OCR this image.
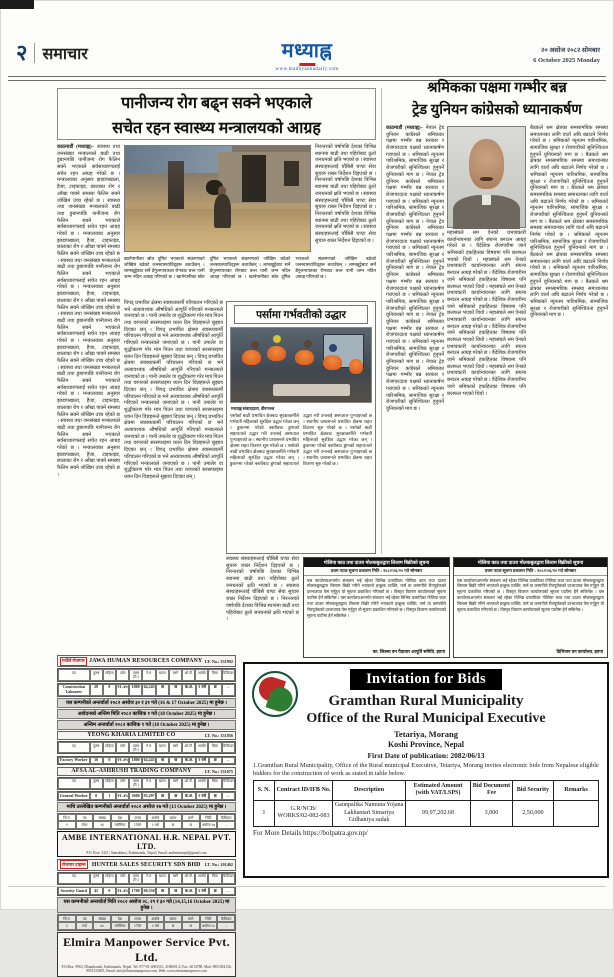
२ समाचार	मध्याह्न
www.madhyanhadaily.com
२० असोज २०८२ सोमबार
6 October 2025 Monday
पानीजन्य रोग बढ्न सक्ने भएकाले
सचेत रहन स्वास्थ्य मन्त्रालयको आग्रह
काठमाडौं (मध्याह्न)– स्वास्थ्य तथा जनसंख्या मन्त्रालयले बाढी तथा डुबानपछि पानीजन्य रोग फैलिन सक्ने भएकाले सर्वसाधारणलाई सचेत रहन आग्रह गरेको छ । मन्त्रालयका अनुसार झाडापखाला, हैजा, टाइफाइड, छालाका रोग र आँखा पाक्ने समस्या फैलिन सक्ने जोखिम उच्च रहेको छ । स्वास्थ्य तथा जनसंख्या मन्त्रालयले बाढी तथा डुबानपछि पानीजन्य रोग फैलिन सक्ने भएकाले सर्वसाधारणलाई सचेत रहन आग्रह गरेको छ । मन्त्रालयका अनुसार झाडापखाला, हैजा, टाइफाइड, छालाका रोग र आँखा पाक्ने समस्या फैलिन सक्ने जोखिम उच्च रहेको छ । स्वास्थ्य तथा जनसंख्या मन्त्रालयले बाढी तथा डुबानपछि पानीजन्य रोग फैलिन सक्ने भएकाले सर्वसाधारणलाई सचेत रहन आग्रह गरेको छ । मन्त्रालयका अनुसार झाडापखाला, हैजा, टाइफाइड, छालाका रोग र आँखा पाक्ने समस्या फैलिन सक्ने जोखिम उच्च रहेको छ । स्वास्थ्य तथा जनसंख्या मन्त्रालयले बाढी तथा डुबानपछि पानीजन्य रोग फैलिन सक्ने भएकाले सर्वसाधारणलाई सचेत रहन आग्रह गरेको छ । मन्त्रालयका अनुसार झाडापखाला, हैजा, टाइफाइड, छालाका रोग र आँखा पाक्ने समस्या फैलिन सक्ने जोखिम उच्च रहेको छ । स्वास्थ्य तथा जनसंख्या मन्त्रालयले बाढी तथा डुबानपछि पानीजन्य रोग फैलिन सक्ने भएकाले सर्वसाधारणलाई सचेत रहन आग्रह गरेको छ । मन्त्रालयका अनुसार झाडापखाला, हैजा, टाइफाइड, छालाका रोग र आँखा पाक्ने समस्या फैलिन सक्ने जोखिम उच्च रहेको छ । स्वास्थ्य तथा जनसंख्या मन्त्रालयले बाढी तथा डुबानपछि पानीजन्य रोग फैलिन सक्ने भएकाले सर्वसाधारणलाई सचेत रहन आग्रह गरेको छ । मन्त्रालयका अनुसार झाडापखाला, हैजा, टाइफाइड, छालाका रोग र आँखा पाक्ने समस्या फैलिन सक्ने जोखिम उच्च रहेको छ ।
निरन्तरको वर्षापछि देशका विभिन्न स्थानमा बाढी तथा पहिरोबाट ठूलो जनधनको क्षति भएको छ । स्वास्थ्य संस्थाहरूलाई चौबिसै घण्टा सेवा सुचारु राख्न निर्देशन दिइएको छ । निरन्तरको वर्षापछि देशका विभिन्न स्थानमा बाढी तथा पहिरोबाट ठूलो जनधनको क्षति भएको छ । स्वास्थ्य संस्थाहरूलाई चौबिसै घण्टा सेवा सुचारु राख्न निर्देशन दिइएको छ । निरन्तरको वर्षापछि देशका विभिन्न स्थानमा बाढी तथा पहिरोबाट ठूलो जनधनको क्षति भएको छ । स्वास्थ्य संस्थाहरूलाई चौबिसै घण्टा सेवा सुचारु राख्न निर्देशन दिइएको छ ।
खानेपानीका स्रोत दूषित भएकाले संक्रमणको जोखिम बढेको जनस्वास्थ्यविद्हरू बताउँछन् । लामखुट्टेबाट सर्ने डेंगुलगायतका रोगबाट बच्न पानी जम्न नदिन आग्रह गरिएको छ । खानेपानीका स्रोत दूषित भएकाले संक्रमणको जोखिम बढेको जनस्वास्थ्यविद्हरू बताउँछन् । लामखुट्टेबाट सर्ने डेंगुलगायतका रोगबाट बच्न पानी जम्न नदिन आग्रह गरिएको छ । खानेपानीका स्रोत दूषित भएकाले संक्रमणको जोखिम बढेको जनस्वास्थ्यविद्हरू बताउँछन् । लामखुट्टेबाट सर्ने डेंगुलगायतका रोगबाट बच्न पानी जम्न नदिन आग्रह गरिएको छ ।
विपद् प्रभावित क्षेत्रमा स्वास्थ्यकर्मी परिचालन गरिएको छ भने अत्यावश्यक औषधिको आपूर्ति गरिएको मन्त्रालयले जनाएको छ । पानी उमालेर वा शुद्धीकरण गरेर मात्र पिउन तथा वरपरको सरसफाइमा ध्यान दिन विज्ञहरूले सुझाव दिएका छन् । विपद् प्रभावित क्षेत्रमा स्वास्थ्यकर्मी परिचालन गरिएको छ भने अत्यावश्यक औषधिको आपूर्ति गरिएको मन्त्रालयले जनाएको छ । पानी उमालेर वा शुद्धीकरण गरेर मात्र पिउन तथा वरपरको सरसफाइमा ध्यान दिन विज्ञहरूले सुझाव दिएका छन् । विपद् प्रभावित क्षेत्रमा स्वास्थ्यकर्मी परिचालन गरिएको छ भने अत्यावश्यक औषधिको आपूर्ति गरिएको मन्त्रालयले जनाएको छ । पानी उमालेर वा शुद्धीकरण गरेर मात्र पिउन तथा वरपरको सरसफाइमा ध्यान दिन विज्ञहरूले सुझाव दिएका छन् । विपद् प्रभावित क्षेत्रमा स्वास्थ्यकर्मी परिचालन गरिएको छ भने अत्यावश्यक औषधिको आपूर्ति गरिएको मन्त्रालयले जनाएको छ । पानी उमालेर वा शुद्धीकरण गरेर मात्र पिउन तथा वरपरको सरसफाइमा ध्यान दिन विज्ञहरूले सुझाव दिएका छन् । विपद् प्रभावित क्षेत्रमा स्वास्थ्यकर्मी परिचालन गरिएको छ भने अत्यावश्यक औषधिको आपूर्ति गरिएको मन्त्रालयले जनाएको छ । पानी उमालेर वा शुद्धीकरण गरेर मात्र पिउन तथा वरपरको सरसफाइमा ध्यान दिन विज्ञहरूले सुझाव दिएका छन् । विपद् प्रभावित क्षेत्रमा स्वास्थ्यकर्मी परिचालन गरिएको छ भने अत्यावश्यक औषधिको आपूर्ति गरिएको मन्त्रालयले जनाएको छ । पानी उमालेर वा शुद्धीकरण गरेर मात्र पिउन तथा वरपरको सरसफाइमा ध्यान दिन विज्ञहरूले सुझाव दिएका छन् ।
पर्सामा गर्भवतीको उद्धार
मध्याह्न संवाददाता, वीरगञ्ज
पर्साको बाढी प्रभावित क्षेत्रबाट सुरक्षाकर्मीले गर्भवती महिलाको सुरक्षित उद्धार गरेका छन् । डुबानमा परेको बस्तीबाट डुंगाको सहायताले उद्धार गरी उनलाई अस्पताल पुर्‍याइएको छ । स्थानीय प्रशासनले प्रभावित क्षेत्रमा राहत वितरण सुरु गरेको छ । पर्साको बाढी प्रभावित क्षेत्रबाट सुरक्षाकर्मीले गर्भवती महिलाको सुरक्षित उद्धार गरेका छन् । डुबानमा परेको बस्तीबाट डुंगाको सहायताले उद्धार गरी उनलाई अस्पताल पुर्‍याइएको छ । स्थानीय प्रशासनले प्रभावित क्षेत्रमा राहत वितरण सुरु गरेको छ । पर्साको बाढी प्रभावित क्षेत्रबाट सुरक्षाकर्मीले गर्भवती महिलाको सुरक्षित उद्धार गरेका छन् । डुबानमा परेको बस्तीबाट डुंगाको सहायताले उद्धार गरी उनलाई अस्पताल पुर्‍याइएको छ । स्थानीय प्रशासनले प्रभावित क्षेत्रमा राहत वितरण सुरु गरेको छ ।
स्वास्थ्य संस्थाहरूलाई चौबिसै घण्टा सेवा सुचारु राख्न निर्देशन दिइएको छ । निरन्तरको वर्षापछि देशका विभिन्न स्थानमा बाढी तथा पहिरोबाट ठूलो जनधनको क्षति भएको छ । स्वास्थ्य संस्थाहरूलाई चौबिसै घण्टा सेवा सुचारु राख्न निर्देशन दिइएको छ । निरन्तरको वर्षापछि देशका विभिन्न स्थानमा बाढी तथा पहिरोबाट ठूलो जनधनको क्षति भएको छ ।
श्रमिकका पक्षमा गम्भीर बन्न
ट्रेड युनियन कांग्रेसको ध्यानाकर्षण
काठमाडौं (मध्याह्न)– नेपाल ट्रेड युनियन कांग्रेसले श्रमिकका पक्षमा गम्भीर बन्न सरकार र रोजगारदाता पक्षको ध्यानाकर्षण गराएको छ । श्रमिकको न्यूनतम पारिश्रमिक, सामाजिक सुरक्षा र रोजगारीको सुनिश्चितता हुनुपर्ने युनियनको माग छ । नेपाल ट्रेड युनियन कांग्रेसले श्रमिकका पक्षमा गम्भीर बन्न सरकार र रोजगारदाता पक्षको ध्यानाकर्षण गराएको छ । श्रमिकको न्यूनतम पारिश्रमिक, सामाजिक सुरक्षा र रोजगारीको सुनिश्चितता हुनुपर्ने युनियनको माग छ । नेपाल ट्रेड युनियन कांग्रेसले श्रमिकका पक्षमा गम्भीर बन्न सरकार र रोजगारदाता पक्षको ध्यानाकर्षण गराएको छ । श्रमिकको न्यूनतम पारिश्रमिक, सामाजिक सुरक्षा र रोजगारीको सुनिश्चितता हुनुपर्ने युनियनको माग छ । नेपाल ट्रेड युनियन कांग्रेसले श्रमिकका पक्षमा गम्भीर बन्न सरकार र रोजगारदाता पक्षको ध्यानाकर्षण गराएको छ । श्रमिकको न्यूनतम पारिश्रमिक, सामाजिक सुरक्षा र रोजगारीको सुनिश्चितता हुनुपर्ने युनियनको माग छ । नेपाल ट्रेड युनियन कांग्रेसले श्रमिकका पक्षमा गम्भीर बन्न सरकार र रोजगारदाता पक्षको ध्यानाकर्षण गराएको छ । श्रमिकको न्यूनतम पारिश्रमिक, सामाजिक सुरक्षा र रोजगारीको सुनिश्चितता हुनुपर्ने युनियनको माग छ । नेपाल ट्रेड युनियन कांग्रेसले श्रमिकका पक्षमा गम्भीर बन्न सरकार र रोजगारदाता पक्षको ध्यानाकर्षण गराएको छ । श्रमिकको न्यूनतम पारिश्रमिक, सामाजिक सुरक्षा र रोजगारीको सुनिश्चितता हुनुपर्ने युनियनको माग छ ।
महासंघले श्रम ऐनको प्रभावकारी कार्यान्वयनका लागि संयन्त्र बनाउन आग्रह गरेको छ । वैदेशिक रोजगारीमा जाने श्रमिकको हकहितका विषयमा पनि छलफल भएको थियो । महासंघले श्रम ऐनको प्रभावकारी कार्यान्वयनका लागि संयन्त्र बनाउन आग्रह गरेको छ । वैदेशिक रोजगारीमा जाने श्रमिकको हकहितका विषयमा पनि छलफल भएको थियो । महासंघले श्रम ऐनको प्रभावकारी कार्यान्वयनका लागि संयन्त्र बनाउन आग्रह गरेको छ । वैदेशिक रोजगारीमा जाने श्रमिकको हकहितका विषयमा पनि छलफल भएको थियो । महासंघले श्रम ऐनको प्रभावकारी कार्यान्वयनका लागि संयन्त्र बनाउन आग्रह गरेको छ । वैदेशिक रोजगारीमा जाने श्रमिकको हकहितका विषयमा पनि छलफल भएको थियो । महासंघले श्रम ऐनको प्रभावकारी कार्यान्वयनका लागि संयन्त्र बनाउन आग्रह गरेको छ । वैदेशिक रोजगारीमा जाने श्रमिकको हकहितका विषयमा पनि छलफल भएको थियो । महासंघले श्रम ऐनको प्रभावकारी कार्यान्वयनका लागि संयन्त्र बनाउन आग्रह गरेको छ । वैदेशिक रोजगारीमा जाने श्रमिकको हकहितका विषयमा पनि छलफल भएको थियो ।
बैठकले श्रम क्षेत्रका समसामयिक समस्या समाधानका लागि वार्ता अघि बढाउने निर्णय गरेको छ । श्रमिकको न्यूनतम पारिश्रमिक, सामाजिक सुरक्षा र रोजगारीको सुनिश्चितता हुनुपर्ने युनियनको माग छ । बैठकले श्रम क्षेत्रका समसामयिक समस्या समाधानका लागि वार्ता अघि बढाउने निर्णय गरेको छ । श्रमिकको न्यूनतम पारिश्रमिक, सामाजिक सुरक्षा र रोजगारीको सुनिश्चितता हुनुपर्ने युनियनको माग छ । बैठकले श्रम क्षेत्रका समसामयिक समस्या समाधानका लागि वार्ता अघि बढाउने निर्णय गरेको छ । श्रमिकको न्यूनतम पारिश्रमिक, सामाजिक सुरक्षा र रोजगारीको सुनिश्चितता हुनुपर्ने युनियनको माग छ । बैठकले श्रम क्षेत्रका समसामयिक समस्या समाधानका लागि वार्ता अघि बढाउने निर्णय गरेको छ । श्रमिकको न्यूनतम पारिश्रमिक, सामाजिक सुरक्षा र रोजगारीको सुनिश्चितता हुनुपर्ने युनियनको माग छ । बैठकले श्रम क्षेत्रका समसामयिक समस्या समाधानका लागि वार्ता अघि बढाउने निर्णय गरेको छ । श्रमिकको न्यूनतम पारिश्रमिक, सामाजिक सुरक्षा र रोजगारीको सुनिश्चितता हुनुपर्ने युनियनको माग छ । बैठकले श्रम क्षेत्रका समसामयिक समस्या समाधानका लागि वार्ता अघि बढाउने निर्णय गरेको छ । श्रमिकको न्यूनतम पारिश्रमिक, सामाजिक सुरक्षा र रोजगारीको सुनिश्चितता हुनुपर्ने युनियनको माग छ ।
गोलिया काठ तथा दाउरा मोलकबुलद्वारा लिलाम बिक्रीको सूचना
प्रथम पटक सूचना प्रकाशन मिति : २०८२/०६/२० गते सोमबार
यस कार्यालयअन्तर्गत संकलन भई रहेका विभिन्न प्रजातिका गोलिया काठ तथा दाउरा मोलकबुलद्वारा लिलाम बिक्री गरिने भएकाले इच्छुक व्यक्ति, फर्म वा कम्पनीले रीतपूर्वकको दरभाउपत्र पेस गर्नुहुन यो सूचना प्रकाशित गरिएको छ । विस्तृत विवरण कार्यालयको सूचना पाटीमा हेर्न सकिनेछ । यस कार्यालयअन्तर्गत संकलन भई रहेका विभिन्न प्रजातिका गोलिया काठ तथा दाउरा मोलकबुलद्वारा लिलाम बिक्री गरिने भएकाले इच्छुक व्यक्ति, फर्म वा कम्पनीले रीतपूर्वकको दरभाउपत्र पेस गर्नुहुन यो सूचना प्रकाशित गरिएको छ । विस्तृत विवरण कार्यालयको सूचना पाटीमा हेर्न सकिनेछ ।
का. जिल्ला वन पैदावार आपूर्ति समिति, झापा
गोलिया काठ तथा दाउरा मोलकबुलद्वारा लिलाम बिक्रीको सूचना
प्रथम पटक सूचना प्रकाशन मिति : २०८२/०६/२० गते सोमबार
यस कार्यालयअन्तर्गत संकलन भई रहेका विभिन्न प्रजातिका गोलिया काठ तथा दाउरा मोलकबुलद्वारा लिलाम बिक्री गरिने भएकाले इच्छुक व्यक्ति, फर्म वा कम्पनीले रीतपूर्वकको दरभाउपत्र पेस गर्नुहुन यो सूचना प्रकाशित गरिएको छ । विस्तृत विवरण कार्यालयको सूचना पाटीमा हेर्न सकिनेछ । यस कार्यालयअन्तर्गत संकलन भई रहेका विभिन्न प्रजातिका गोलिया काठ तथा दाउरा मोलकबुलद्वारा लिलाम बिक्री गरिने भएकाले इच्छुक व्यक्ति, फर्म वा कम्पनीले रीतपूर्वकको दरभाउपत्र पेस गर्नुहुन यो सूचना प्रकाशित गरिएको छ । विस्तृत विवरण कार्यालयको सूचना पाटीमा हेर्न सकिनेछ ।
डिभिजन वन कार्यालय, झापा
Invitation for Bids
Gramthan Rural Municipality
Office of the Rural Municipal Executive
Tetariya, Morang
Koshi Province, Nepal
First Date of publication: 2082/06/13
1.Gramthan Rural Municipality, Office of the Rural municipal Executive, Tetariya, Morang invites electronic bids from Nepalese eligible bidders for the construction of work as stated in table below.
S. N.	Contract ID/IFB No.	Description	Estimated Amount (with VAT/LSPS)	Bid Document Fee	Bid Security	Remarks
1	G.R/NCB/ WORKS/02-082-083	Gaunpalika Namuna Yojana Lakhantari Simariya Gidhaniya sadak	99,97,202.68	3,000	2,50,000	
For More Details https://bolpatra.gov.np/
गाउँले रोजगार JAWA HUMAN RESOURCES COMPANY LT. No.: 331992
पद	पुरुष	महिला	उमेर	तलब (रि.)
ने.रु.	खाना	बस्ने	ओ.टी.	अवधि	बिमा	कैफियत
Construction Labourer
28	0	२१–४०	1800 64,245	छ	छ	क.अ.	२ वर्ष	छ	–
यस कम्पनीको अन्तर्वार्ता २०८२ असोज ३० र ३१ गते (16 & 17 October 2025) मा हुनेछ ।
आवेदनको अन्तिम मिति २०८२ कात्तिक १ गते (18 October 2025) मा हुनेछ ।
अन्तिम अन्तर्वार्ता २०८२ कात्तिक १ गते (18 October 2025) मा हुनेछ ।
YEONG KHARIA LIMITED CO	LT. No.: 331856
पद	पुरुष	महिला	उमेर	तलब (रि.)
ने.रु.	खाना	बस्ने	ओ.टी.	अवधि	बिमा	कैफियत
Factory Worker	16	0	२१–४५	1800 64,245	छ	छ	क.अ.	२ वर्ष	छ	–
AFSA AL-ASHRUSH TRADING COMPANY	LT. No.: 331675
पद	पुरुष	महिला	उमेर	तलब (रि.)
ने.रु.	खाना	बस्ने	ओ.टी.	अवधि	बिमा	कैफियत
General Worker	0	1	२१–४५	2600 93,297	छ	छ	क.अ.	२ वर्ष	छ	–
माथि उल्लेखित कम्पनीको अन्तर्वार्ता २०८२ असोज २७ गते (13 October 2025) मा हुनेछ ।
सि.नं.	पद	संख्या	देश	तलब	अवधि	खाना	बस्ने	मिति	कैफियत
१	लेबर	१६	मलेसिया	1500	२ वर्ष	छ	छ	असोज २७	–
AMBE INTERNATIONAL H.R. NEPAL PVT. LTD.
P.O. Box: 3431 | Samakhusi, Kathmandu, Nepal | Email: ambeintnepal@gmail.com
रोजगार टाइम्स	HUNTER SALES SECURITY SDN BHD	LT. No.: 101402
पद	पुरुष	महिला	उमेर	तलब (रि.)
ने.रु.	खाना	बस्ने	ओ.टी.	अवधि	बिमा	कैफियत
Security Guard	45	0	२१–४५	1700 60,350	छ	छ	क.अ.	२ वर्ष	छ	–
यस कम्पनीको अन्तर्वार्ता मिति २०८२ असोज २८, २९ र ३० गते (14,15,16 October 2025) मा हुनेछ ।
सि.नं.	पद	संख्या	देश	तलब	अवधि	खाना	बस्ने	मिति	कैफियत
१	गार्ड	४५	मलेसिया	1700	२ वर्ष	छ	छ	असोज २८	–
Elmira Manpower Service Pvt. Ltd.
P.O.Box: 9963, Dhumbarahi, Kathmandu, Nepal. Tel: 977-01-4003513, 4100001/2, Fax: 4014788, Mob: 9851004136, 9851333605, Email: info@elmiramanpower.com, Web: www.elmiramanpower.com
